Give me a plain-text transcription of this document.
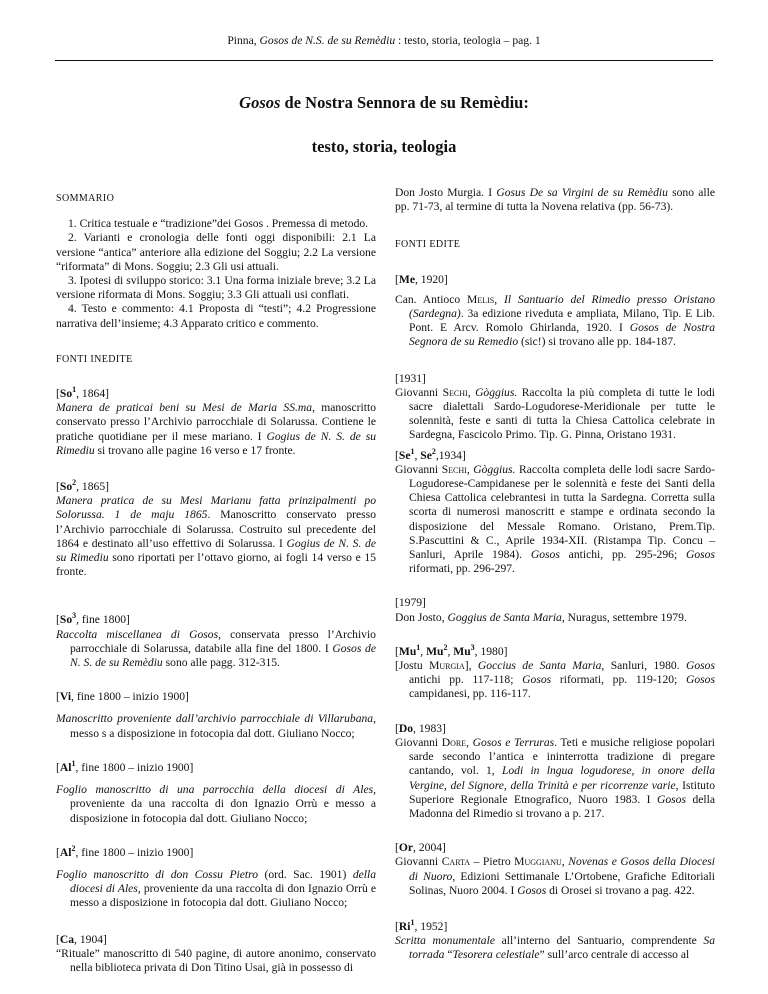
Pinna, Gosos de N.S. de su Remèdiu : testo, storia, teologia – pag. 1
Gosos de Nostra Sennora de su Remèdiu:
testo, storia, teologia
SOMMARIO

1. Critica testuale e “tradizione”dei Gosos . Premessa di metodo.

2. Varianti e cronologia delle fonti oggi disponibili: 2.1 La versione “antica” anteriore alla edizione del Soggiu; 2.2 La versione “riformata” di Mons. Soggiu; 2.3 Gli usi attuali.

3. Ipotesi di sviluppo storico: 3.1 Una forma iniziale breve; 3.2 La versione riformata di Mons. Soggiu; 3.3 Gli attuali usi conflati.

4. Testo e commento: 4.1 Proposta di “testi”; 4.2 Progressione narrativa dell’insieme; 4.3 Apparato critico e commento.

FONTI INEDITE

[So$^1$, 1864]

Manera de praticai beni su Mesi de Maria SS.ma, manoscritto conservato presso l’Archivio parrocchiale di Solarussa. Contiene le pratiche quotidiane per il mese mariano. I Gogius de N. S. de su Rimediu si trovano alle pagine 16 verso e 17 fronte.

[So$^2$, 1865]

Manera pratica de su Mesi Marianu fatta prinzipalmenti po Solorussa. 1 de maju 1865. Manoscritto conservato presso l’Archivio parrocchiale di Solarussa. Costruito sul precedente del 1864 e destinato all’uso effettivo di Solarussa. I Gogius de N. S. de su Rimediu sono riportati per l’ottavo giorno, ai fogli 14 verso e 15 fronte.

[So$^3$, fine 1800]

Raccolta miscellanea di Gosos, conservata presso l’Archivio parrocchiale di Solarussa, databile alla fine del 1800. I Gosos de N. S. de su Remèdiu sono alle pagg. 312-315.

[Vi, fine 1800 – inizio 1900]

Manoscritto proveniente dall’archivio parrocchiale di Villarubana, messo s a disposizione in fotocopia dal dott. Giuliano Nocco;

[Al$^1$, fine 1800 – inizio 1900]

Foglio manoscritto di una parrocchia della diocesi di Ales, proveniente da una raccolta di don Ignazio Orrù e messo a disposizione in fotocopia dal dott. Giuliano Nocco;

[Al$^2$, fine 1800 – inizio 1900]

Foglio manoscritto di don Cossu Pietro (ord. Sac. 1901) della diocesi di Ales, proveniente da una raccolta di don Ignazio Orrù e messo a disposizione in fotocopia dal dott. Giuliano Nocco;

[Ca, 1904]

“Rituale” manoscritto di 540 pagine, di autore anonimo, conservato nella biblioteca privata di Don Titino Usai, già in possesso di

Don Josto Murgia. I Gosus De sa Virgini de su Remèdiu sono alle pp. 71-73, al termine di tutta la Novena relativa (pp. 56-73).

FONTI EDITE

[Me, 1920]

Can. Antioco Melis, Il Santuario del Rimedio presso Oristano (Sardegna). 3a edizione riveduta e ampliata, Milano, Tip. E Lib. Pont. E Arcv. Romolo Ghirlanda, 1920. I Gosos de Nostra Segnora de su Remedio (sic!) si trovano alle pp. 184-187.

[1931]

Giovanni Sechi, Gòggius. Raccolta la più completa di tutte le lodi sacre dialettali Sardo-Logudorese-Meridionale per tutte le solennità, feste e santi di tutta la Chiesa Cattolica celebrate in Sardegna, Fascicolo Primo. Tip. G. Pinna, Oristano 1931.

[Se$^1$, Se$^2$,1934]

Giovanni Sechi, Gòggius. Raccolta completa delle lodi sacre Sardo-Logudorese-Campidanese per le solennità e feste dei Santi della Chiesa Cattolica celebrantesi in tutta la Sardegna. Corretta sulla scorta di numerosi manoscritt e stampe e ordinata secondo la disposizione del Messale Romano. Oristano, Prem.Tip. S.Pascuttini & C., Aprile 1934-XII. (Ristampa Tip. Concu – Sanluri, Aprile 1984). Gosos antichi, pp. 295-296; Gosos riformati, pp. 296-297.

[1979]

Don Josto, Goggius de Santa Maria, Nuragus, settembre 1979.

[Mu$^1$, Mu$^2$, Mu$^3$, 1980]

[Jostu Murgia], Goccius de Santa Maria, Sanluri, 1980. Gosos antichi pp. 117-118; Gosos riformati, pp. 119-120; Gosos campidanesi, pp. 116-117.

[Do, 1983]

Giovanni Dore, Gosos e Terruras. Teti e musiche religiose popolari sarde secondo l’antica e ininterrotta tradizione di pregare cantando, vol. 1, Lodi in lngua logudorese, in onore della Vergine, del Signore, della Trinità e per ricorrenze varie, Istituto Superiore Regionale Etnografico, Nuoro 1983. I Gosos della Madonna del Rimedio si trovano a p. 217.

[Or, 2004]

Giovanni Carta – Pietro Muggianu, Novenas e Gosos della Diocesi di Nuoro, Edizioni Settimanale L’Ortobene, Grafiche Editoriali Solinas, Nuoro 2004. I Gosos di Orosei si trovano a pag. 422.

[Ri$^1$, 1952]

Scritta monumentale all’interno del Santuario, comprendente Sa torrada “Tesorera celestiale” sull’arco centrale di accesso al
